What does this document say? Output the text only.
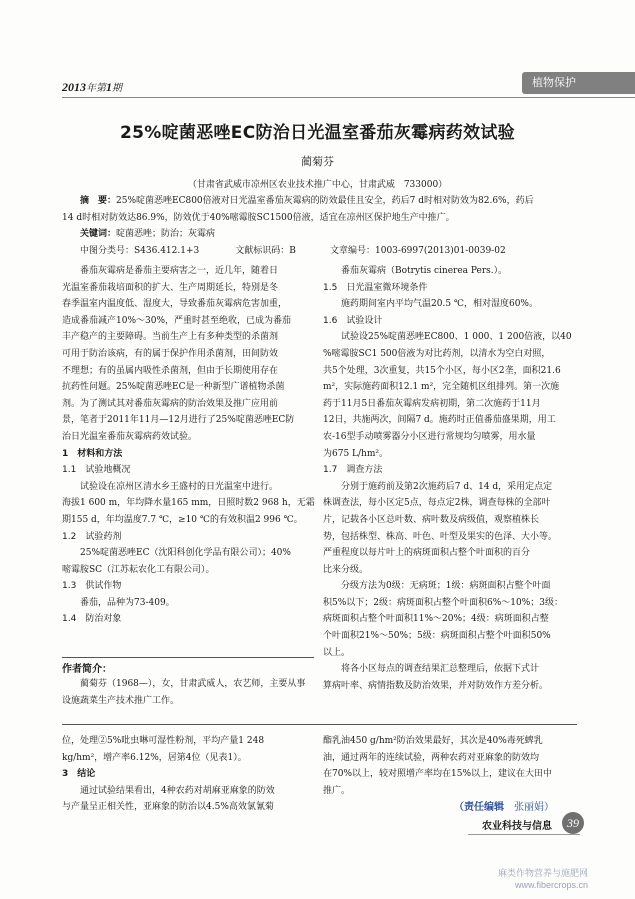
2013年第1期	植物保护
25%啶菌恶唑EC防治日光温室番茄灰霉病药效试验
蔺菊芬
（甘肃省武威市凉州区农业技术推广中心，甘肃武威　733000）
摘　要：25%啶菌恶唑EC800倍液对日光温室番茄灰霉病的防效最佳且安全，药后7 d时相对防效为82.6%，药后
14 d时相对防效达86.9%，防效优于40%嘧霉胺SC1500倍液，适宜在凉州区保护地生产中推广。
关键词：啶菌恶唑；防治；灰霉病
中图分类号：S436.412.1+3　　　　文献标识码：B	文章编号：1003-6997(2013)01-0039-02

番茄灰霉病是番茄主要病害之一，近几年，随着日

光温室番茄栽培面积的扩大、生产周期延长，特别是冬

春季温室内温度低、湿度大，导致番茄灰霉病危害加重，

造成番茄减产10%～30%，严重时甚至绝收，已成为番茄

丰产稳产的主要障碍。当前生产上有多种类型的杀菌剂

可用于防治该病，有的属于保护作用杀菌剂，田间防效

不理想；有的虽属内吸性杀菌剂，但由于长期使用存在

抗药性问题。25%啶菌恶唑EC是一种新型广谱植物杀菌

剂。为了测试其对番茄灰霉病的防治效果及推广应用前

景，笔者于2011年11月—12月进行了25%啶菌恶唑EC防

治日光温室番茄灰霉病药效试验。

1　材料和方法

1.1　试验地概况

试验设在凉州区清水乡王盛村的日光温室中进行。

海拔1 600 m，年均降水量165 mm，日照时数2 968 h，无霜

期155 d，年均温度7.7 ℃，≥10 ℃的有效积温2 996 ℃。

1.2　试验药剂

25%啶菌恶唑EC（沈阳科创化学品有限公司）；40%

嘧霉胺SC（江苏耘农化工有限公司）。

1.3　供试作物

番茄，品种为73-409。

1.4　防治对象

番茄灰霉病（Botrytis cinerea Pers.）。

1.5　日光温室微环境条件

施药期间室内平均气温20.5 ℃，相对湿度60%。

1.6　试验设计

试验设25%啶菌恶唑EC800、1 000、1 200倍液，以40

%嘧霉胺SC1 500倍液为对比药剂，以清水为空白对照，

共5个处理，3次重复，共15个小区，每小区2垄，面积21.6

m²，实际施药面积12.1 m²，完全随机区组排列。第一次施

药于11月5日番茄灰霉病发病初期，第二次施药于11月

12日，共施两次，间隔7 d。施药时正值番茄盛果期，用工

农-16型手动喷雾器分小区进行常规均匀喷雾，用水量

为675 L/hm²。

1.7　调查方法

分别于施药前及第2次施药后7 d、14 d，采用定点定

株调查法，每小区定5点，每点定2株，调查每株的全部叶

片，记载各小区总叶数、病叶数及病级值，观察植株长

势，包括株型、株高、叶色、叶型及果实的色泽、大小等。

严重程度以每片叶上的病斑面积占整个叶面积的百分

比来分级。

分级方法为0级：无病斑；1级：病斑面积占整个叶面

积5%以下；2级：病斑面积占整个叶面积6%～10%；3级：

病斑面积占整个叶面积11%～20%；4级：病斑面积占整

个叶面积21%～50%；5级：病斑面积占整个叶面积50%

以上。

将各小区每点的调查结果汇总整理后，依据下式计

算病叶率、病情指数及防治效果，并对防效作方差分析。

作者简介：
　　蔺菊芬（1968—），女，甘肃武威人，农艺师，主要从事
设施蔬菜生产技术推广工作。

位，处理②5%吡虫啉可湿性粉剂，平均产量1 248

kg/hm²，增产率6.12%，居第4位（见表1）。

3　结论

通过试验结果看出，4种农药对胡麻亚麻象的防效

与产量呈正相关性，亚麻象的防治以4.5%高效氯氰菊

酯乳油450 g/hm²防治效果最好，其次是40%毒死蜱乳

油，通过两年的连续试验，两种农药对亚麻象的防效均

在70%以上，较对照增产率均在15%以上，建议在大田中

推广。

（责任编辑　 张丽娟）
农业科技与信息	39
麻类作物营养与施肥网
www.fibercrops.cn
